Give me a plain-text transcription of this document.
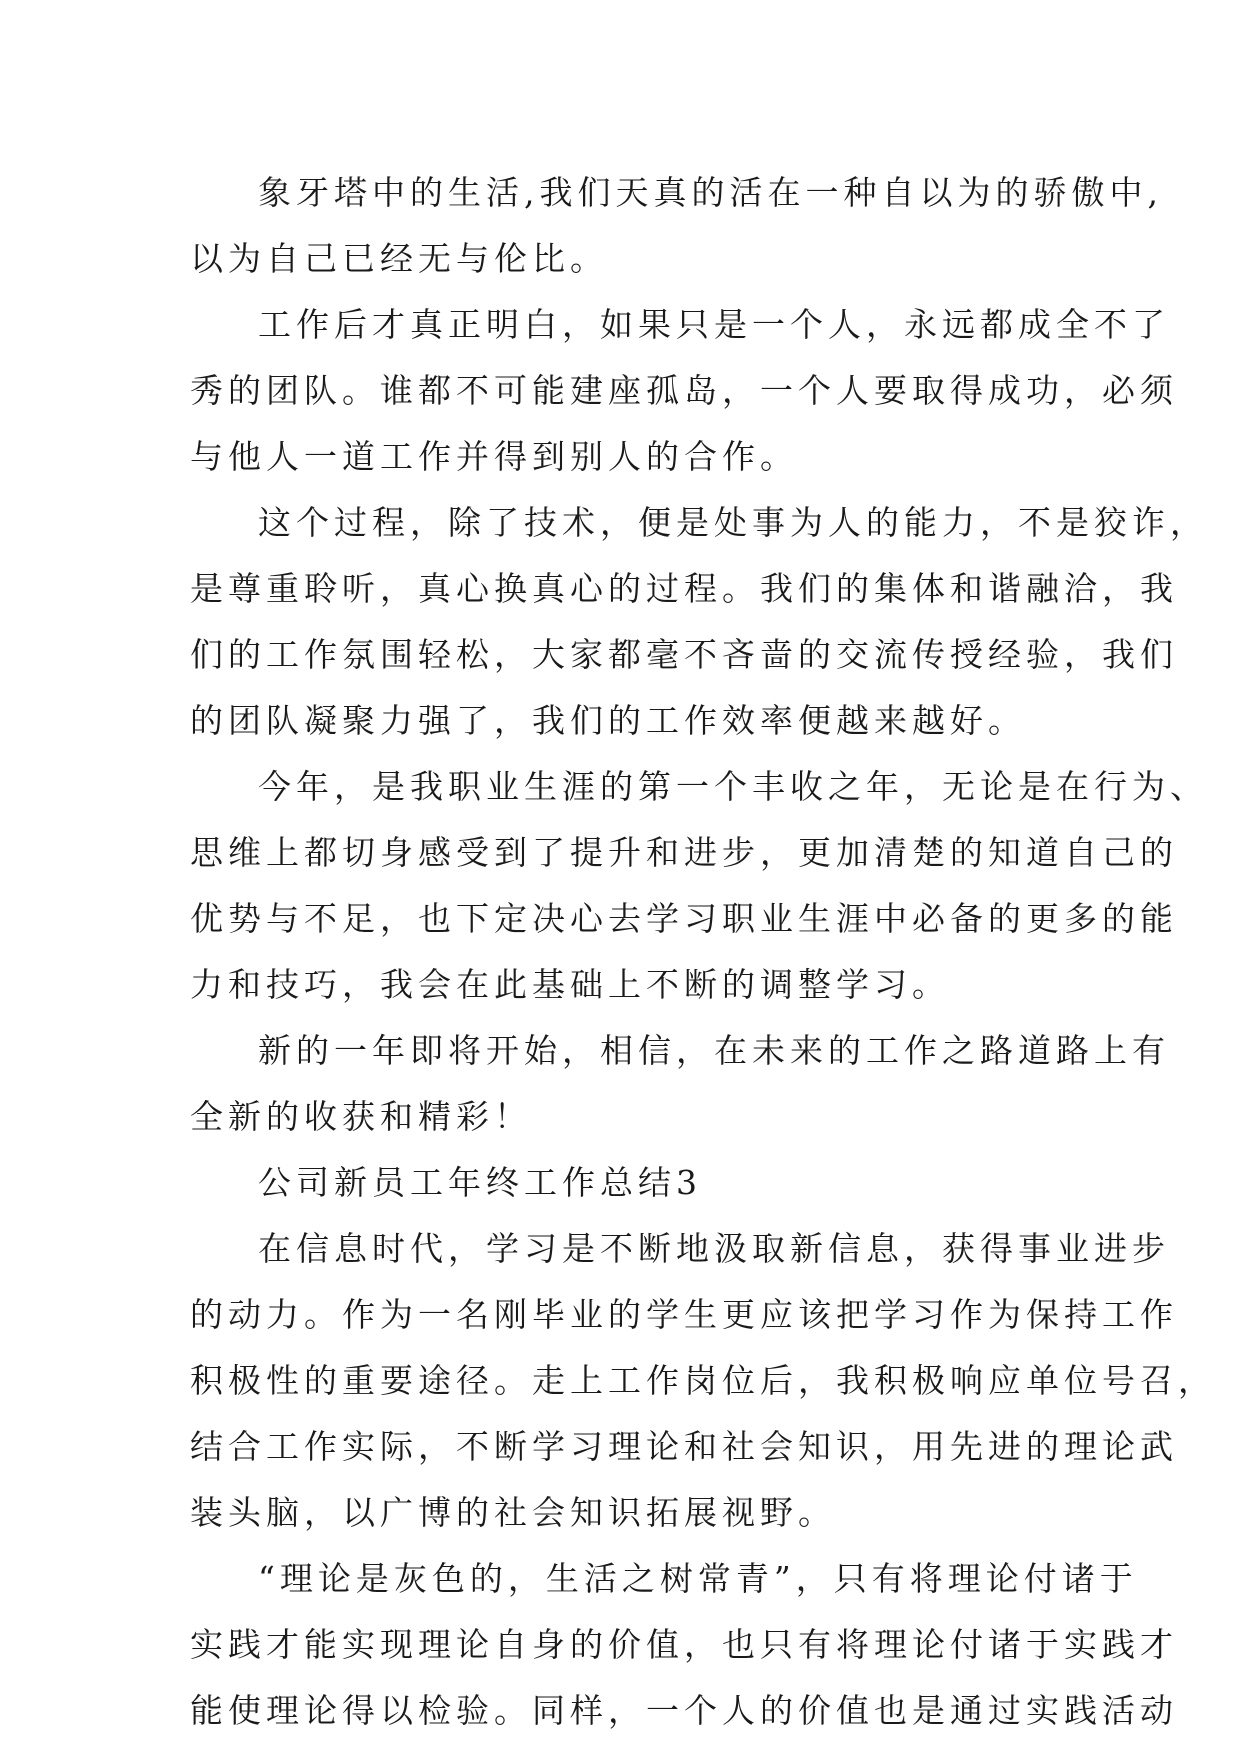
象牙塔中的生活,我们天真的活在一种自以为的骄傲中,
以为自己已经无与伦比。
工作后才真正明白，如果只是一个人，永远都成全不了
秀的团队。谁都不可能建座孤岛，一个人要取得成功，必须
与他人一道工作并得到别人的合作。
这个过程，除了技术，便是处事为人的能力，不是狡诈，
是尊重聆听，真心换真心的过程。我们的集体和谐融洽，我
们的工作氛围轻松，大家都毫不吝啬的交流传授经验，我们
的团队凝聚力强了，我们的工作效率便越来越好。
今年，是我职业生涯的第一个丰收之年，无论是在行为、
思维上都切身感受到了提升和进步，更加清楚的知道自己的
优势与不足，也下定决心去学习职业生涯中必备的更多的能
力和技巧，我会在此基础上不断的调整学习。
新的一年即将开始，相信，在未来的工作之路道路上有
全新的收获和精彩！
公司新员工年终工作总结3
在信息时代，学习是不断地汲取新信息，获得事业进步
的动力。作为一名刚毕业的学生更应该把学习作为保持工作
积极性的重要途径。走上工作岗位后，我积极响应单位号召，
结合工作实际，不断学习理论和社会知识，用先进的理论武
装头脑，以广博的社会知识拓展视野。
“理论是灰色的，生活之树常青”，只有将理论付诸于
实践才能实现理论自身的价值，也只有将理论付诸于实践才
能使理论得以检验。同样，一个人的价值也是通过实践活动
